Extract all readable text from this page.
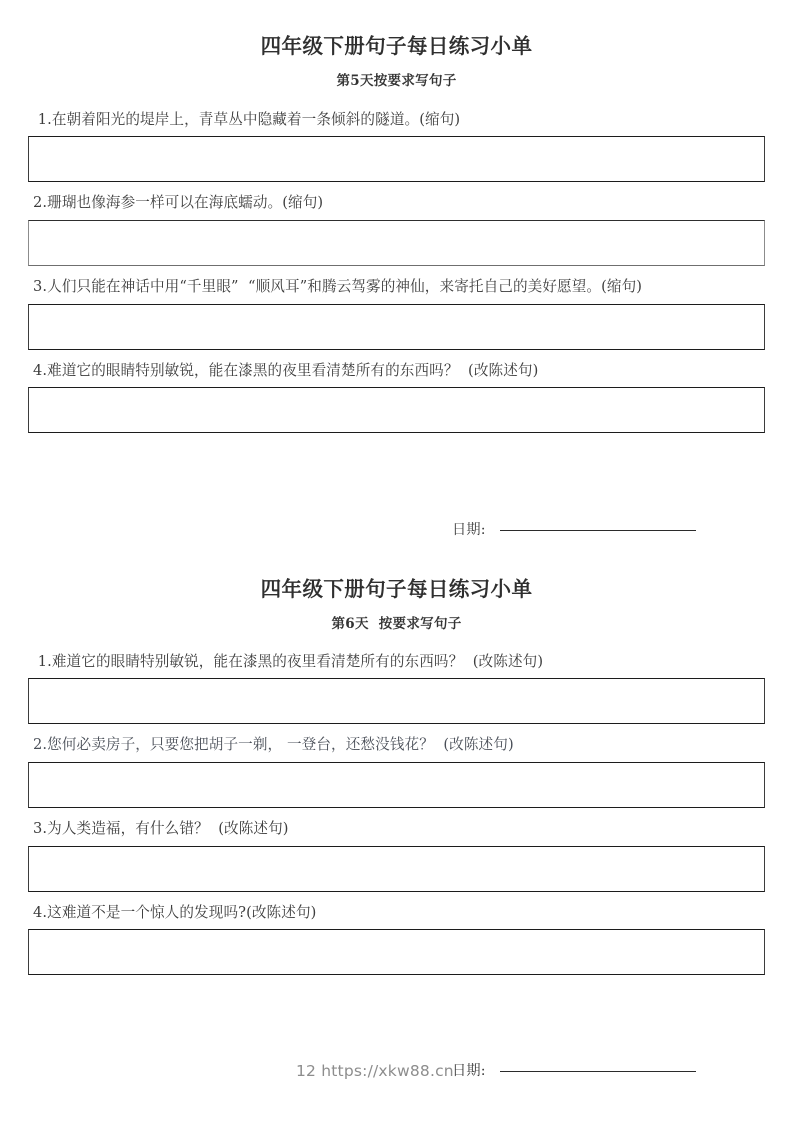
四年级下册句子每日练习小单
第5天按要求写句子
1.在朝着阳光的堤岸上，青草丛中隐藏着一条倾斜的隧道。(缩句)
2.珊瑚也像海参一样可以在海底蠕动。(缩句)
3.人们只能在神话中用“千里眼”  “顺风耳”和腾云驾雾的神仙，来寄托自己的美好愿望。(缩句)
4.难道它的眼睛特别敏锐，能在漆黑的夜里看清楚所有的东西吗？  (改陈述句)
日期:
四年级下册句子每日练习小单
第6天  按要求写句子
1.难道它的眼睛特别敏锐，能在漆黑的夜里看清楚所有的东西吗？  (改陈述句)
2.您何必卖房子，只要您把胡子一剃， 一登台，还愁没钱花？  (改陈述句)
3.为人类造福，有什么错？  (改陈述句)
4.这难道不是一个惊人的发现吗?(改陈述句)
日期:
12 https://xkw88.cn
